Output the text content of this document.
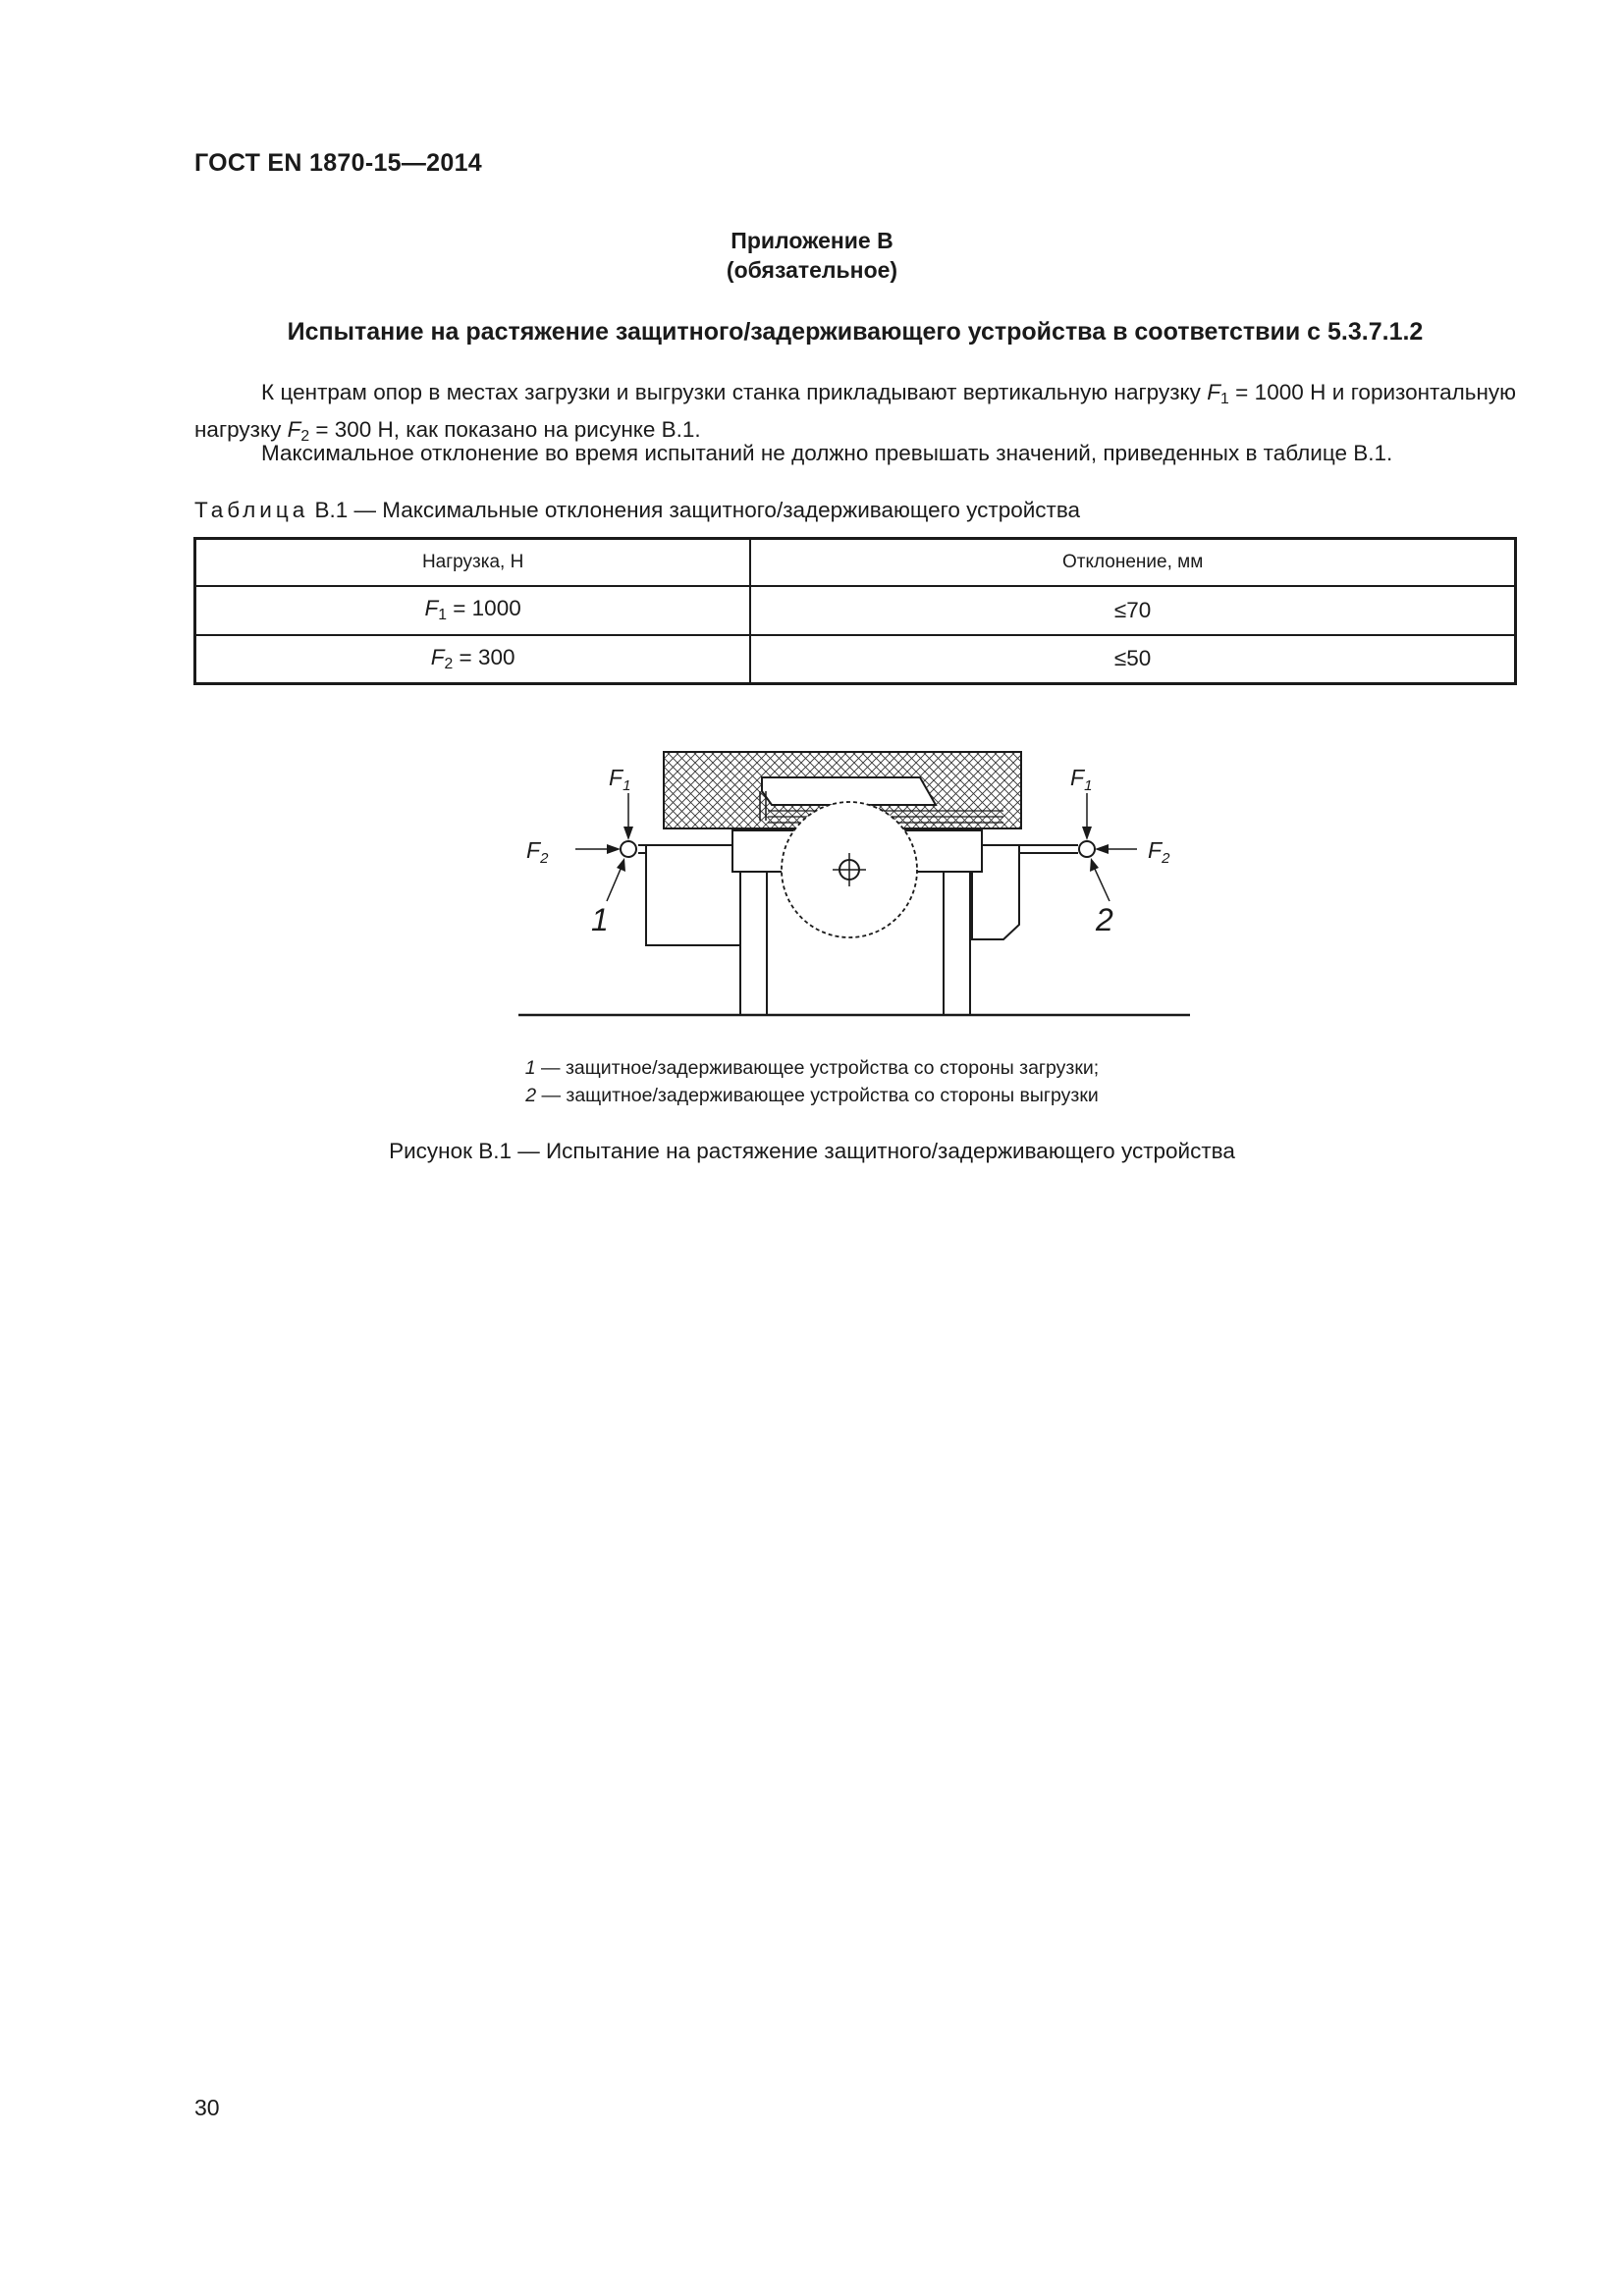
ГОСТ EN 1870-15—2014
Приложение В
(обязательное)
Испытание на растяжение защитного/задерживающего устройства в соответствии с 5.3.7.1.2

К центрам опор в местах загрузки и выгрузки станка прикладывают вертикальную нагрузку $F_1 = 1000$ Н и горизонтальную нагрузку $F_2 = 300$ Н, как показано на рисунке В.1.

Максимальное отклонение во время испытаний не должно превышать значений, приведенных в таблице В.1.

Таблица В.1 — Максимальные отклонения защитного/задерживающего устройства
Нагрузка, Н	Отклонение, мм
$F_1 = 1000$	≤70
$F_2 = 300$	≤50
$F_1$
$F_2$
$F_1$
$F_2$
1	2
1 — защитное/задерживающее устройства со стороны загрузки;
2 — защитное/задерживающее устройства со стороны выгрузки
Рисунок В.1 — Испытание на растяжение защитного/задерживающего устройства
30
